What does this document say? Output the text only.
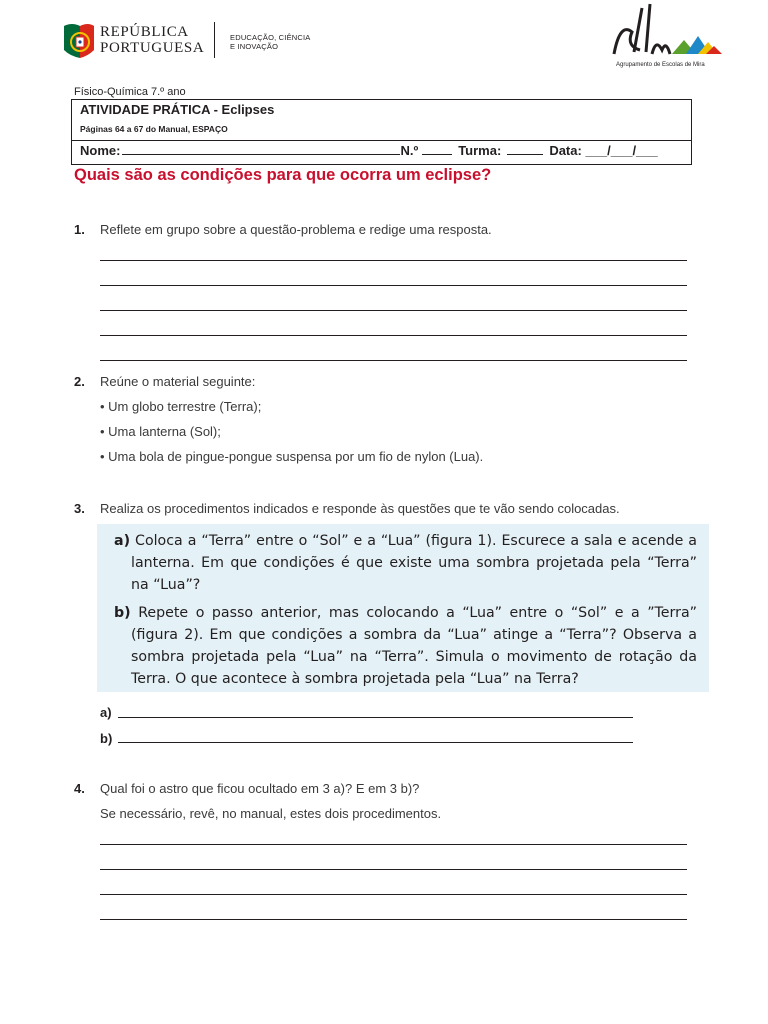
REPÚBLICA
PORTUGUESA
EDUCAÇÃO, CIÊNCIA
E INOVAÇÃO
Agrupamento de Escolas de Mira
Físico-Química 7.º ano
ATIVIDADE PRÁTICA - Eclipses
Páginas 64 a 67 do Manual, ESPAÇO
Nome:	N.º	Turma:	Data: ___/___/___
Quais são as condições para que ocorra um eclipse?
1. Reflete em grupo sobre a questão-problema e redige uma resposta.
2. Reúne o material seguinte:
• Um globo terrestre (Terra);
• Uma lanterna (Sol);
• Uma bola de pingue-pongue suspensa por um fio de nylon (Lua).
3. Realiza os procedimentos indicados e responde às questões que te vão sendo colocadas.
a) Coloca a “Terra” entre o “Sol” e a “Lua” (figura 1). Escurece a sala e acende a lanterna. Em que condições é que existe uma sombra projetada pela “Terra” na “Lua”?
b) Repete o passo anterior, mas colocando a “Lua” entre o “Sol” e a ”Terra” (figura 2). Em que condições a sombra da “Lua” atinge a “Terra”? Observa a sombra projetada pela “Lua” na “Terra”. Simula o movimento de rotação da Terra. O que acontece à sombra projetada pela “Lua” na Terra?
a)
b)
4. Qual foi o astro que ficou ocultado em 3 a)? E em 3 b)?
Se necessário, revê, no manual, estes dois procedimentos.
